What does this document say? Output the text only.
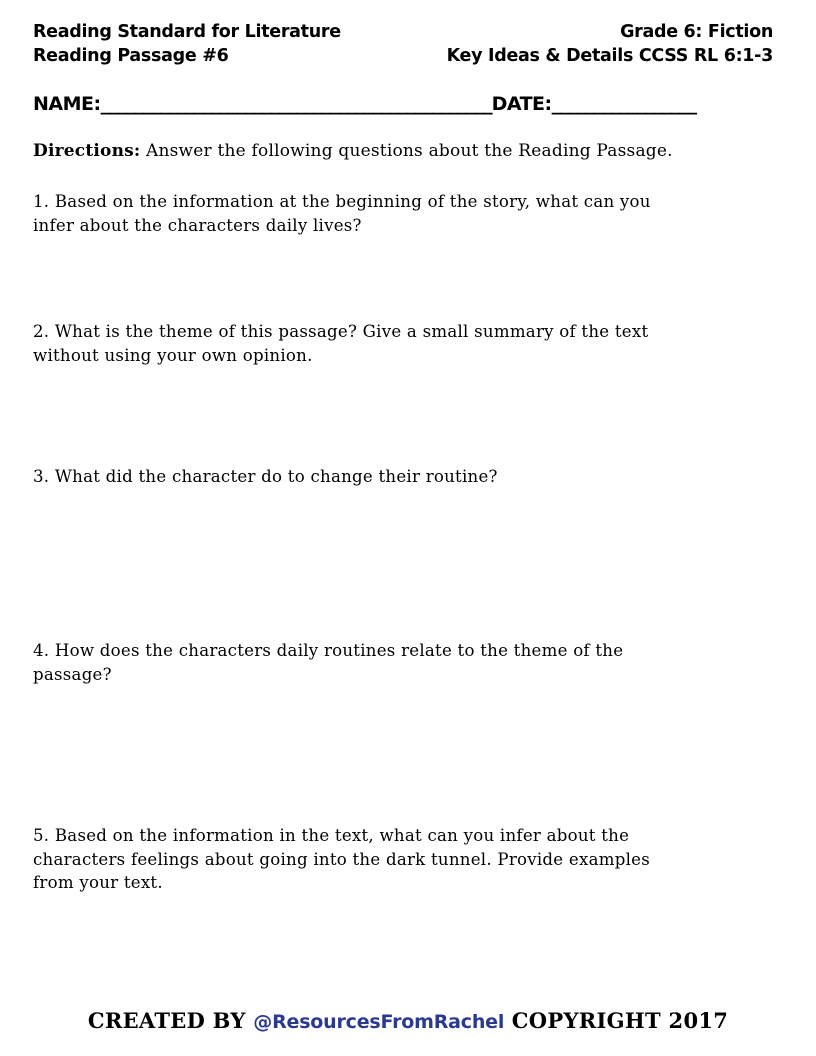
Reading Standard for Literature
Reading Passage #6
Grade 6: Fiction
Key Ideas & Details CCSS RL 6:1-3
NAME:______________________________________________DATE:_________________
Directions: Answer the following questions about the Reading Passage.
1. Based on the information at the beginning of the story, what can you
infer about the characters daily lives?
2. What is the theme of this passage? Give a small summary of the text
without using your own opinion.
3. What did the character do to change their routine?
4. How does the characters daily routines relate to the theme of the
passage?
5. Based on the information in the text, what can you infer about the
characters feelings about going into the dark tunnel. Provide examples
from your text.
CREATED BY @ResourcesFromRachel COPYRIGHT 2017
